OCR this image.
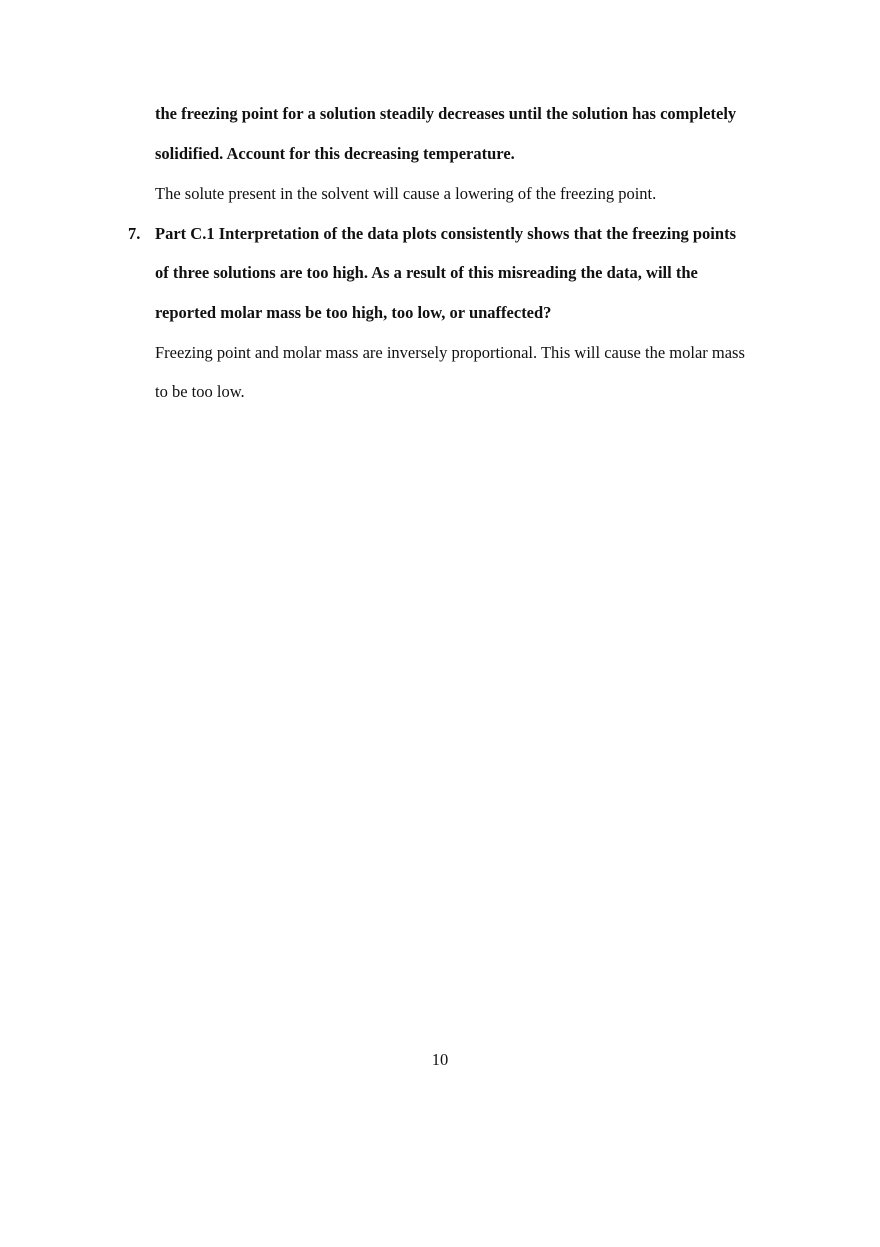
the freezing point for a solution steadily decreases until the solution has completely
solidified. Account for this decreasing temperature.
The solute present in the solvent will cause a lowering of the freezing point.
7. Part C.1 Interpretation of the data plots consistently shows that the freezing points
of three solutions are too high. As a result of this misreading the data, will the
reported molar mass be too high, too low, or unaffected?
Freezing point and molar mass are inversely proportional. This will cause the molar mass
to be too low.
10
